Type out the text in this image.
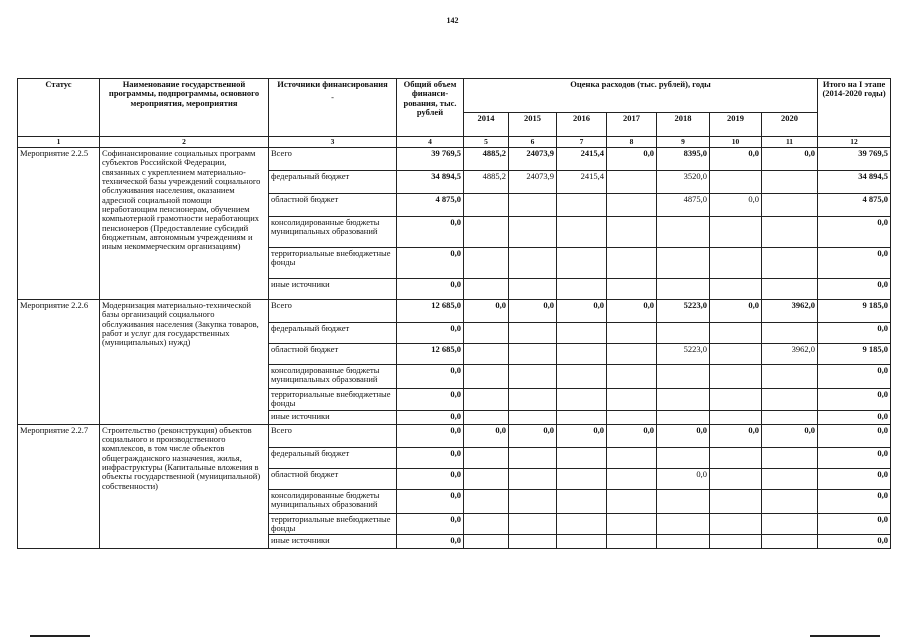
142
Статус	Наименование государственной программы, подпрограммы, основного мероприятия, мероприятия	Источники финансирования
-	Общий объем финанси-рования, тыс. рублей	Оценка расходов (тыс. рублей), годы							Итого на I этапе (2014-2020 годы)
				2014	2015	2016	2017	2018	2019	2020	
1	2	3	4	5	6	7	8	9	10	11	12
Мероприятие 2.2.5	Софинансирование социальных программ субъектов Российской Федерации, связанных с укреплением материально-технической базы учреждений социального обслуживания населения, оказанием адресной социальной помощи неработающим пенсионерам, обучением компьютерной грамотности неработающих пенсионеров (Предоставление субсидий бюджетным, автономным учреждениям и иным некоммерческим организациям)	Всего	39 769,5	4885,2	24073,9	2415,4	0,0	8395,0	0,0	0,0	39 769,5
		федеральный бюджет	34 894,5	4885,2	24073,9	2415,4		3520,0			34 894,5
		областной бюджет	4 875,0					4875,0	0,0		4 875,0
		консолидированные бюджеты муниципальных образований	0,0								0,0
		территориальные внебюджетные фонды	0,0								0,0
		иные источники	0,0								0,0
Мероприятие 2.2.6	Модернизация материально-технической базы организаций социального обслуживания населения (Закупка товаров, работ и услуг для государственных (муниципальных) нужд)	Всего	12 685,0	0,0	0,0	0,0	0,0	5223,0	0,0	3962,0	9 185,0
		федеральный бюджет	0,0								0,0
		областной бюджет	12 685,0					5223,0		3962,0	9 185,0
		консолидированные бюджеты муниципальных образований	0,0								0,0
		территориальные внебюджетные фонды	0,0								0,0
		иные источники	0,0								0,0
Мероприятие 2.2.7	Строительство (реконструкция) объектов социального и производственного комплексов, в том числе объектов общегражданского назначения, жилья, инфраструктуры (Капитальные вложения в объекты государственной (муниципальной) собственности)	Всего	0,0	0,0	0,0	0,0	0,0	0,0	0,0	0,0	0,0
		федеральный бюджет	0,0								0,0
		областной бюджет	0,0					0,0			0,0
		консолидированные бюджеты муниципальных образований	0,0								0,0
		территориальные внебюджетные фонды	0,0								0,0
		иные источники	0,0								0,0
